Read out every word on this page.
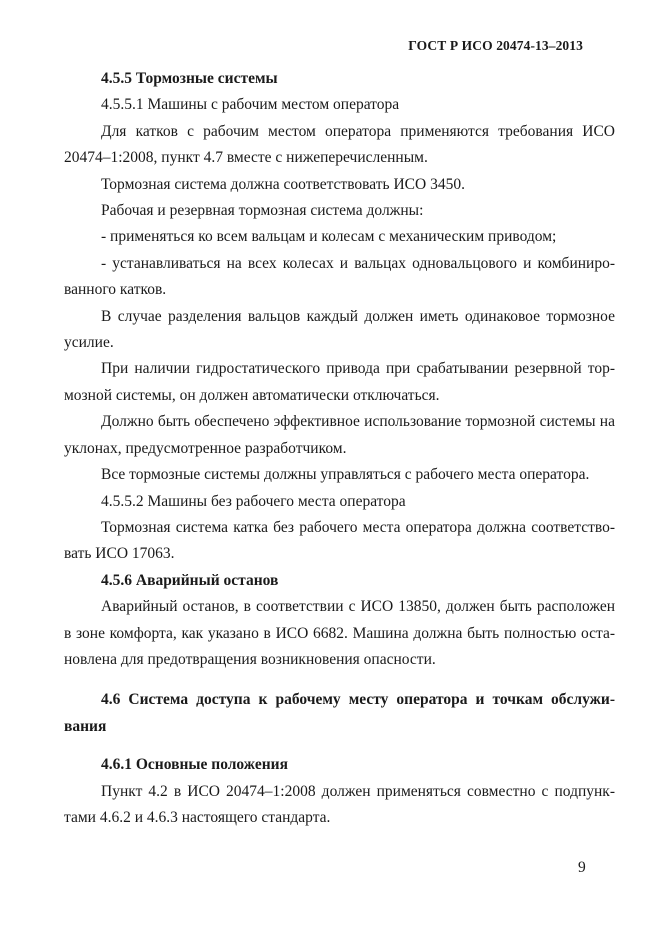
ГОСТ Р ИСО 20474-13–2013

4.5.5 Тормозные системы

4.5.5.1 Машины с рабочим местом оператора

Для катков с рабочим местом оператора применяются требования ИСО 20474–1:2008, пункт 4.7 вместе с нижеперечисленным.

Тормозная система должна соответствовать ИСО 3450.

Рабочая и резервная тормозная система должны:

- применяться ко всем вальцам и колесам с механическим приводом;

- устанавливаться на всех колесах и вальцах одновальцового и комбиниро-ванного катков.

В случае разделения вальцов каждый должен иметь одинаковое тормозное усилие.

При наличии гидростатического привода при срабатывании резервной тор-мозной системы, он должен автоматически отключаться.

Должно быть обеспечено эффективное использование тормозной системы на уклонах, предусмотренное разработчиком.

Все тормозные системы должны управляться с рабочего места оператора.

4.5.5.2 Машины без рабочего места оператора

Тормозная система катка без рабочего места оператора должна соответство-вать ИСО 17063.

4.5.6 Аварийный останов

Аварийный останов, в соответствии с ИСО 13850, должен быть расположен в зоне комфорта, как указано в ИСО 6682. Машина должна быть полностью оста-новлена для предотвращения возникновения опасности.

4.6 Система доступа к рабочему месту оператора и точкам обслужи-вания

4.6.1 Основные положения

Пункт 4.2 в ИСО 20474–1:2008 должен применяться совместно с подпунк-тами 4.6.2 и 4.6.3 настоящего стандарта.

9
